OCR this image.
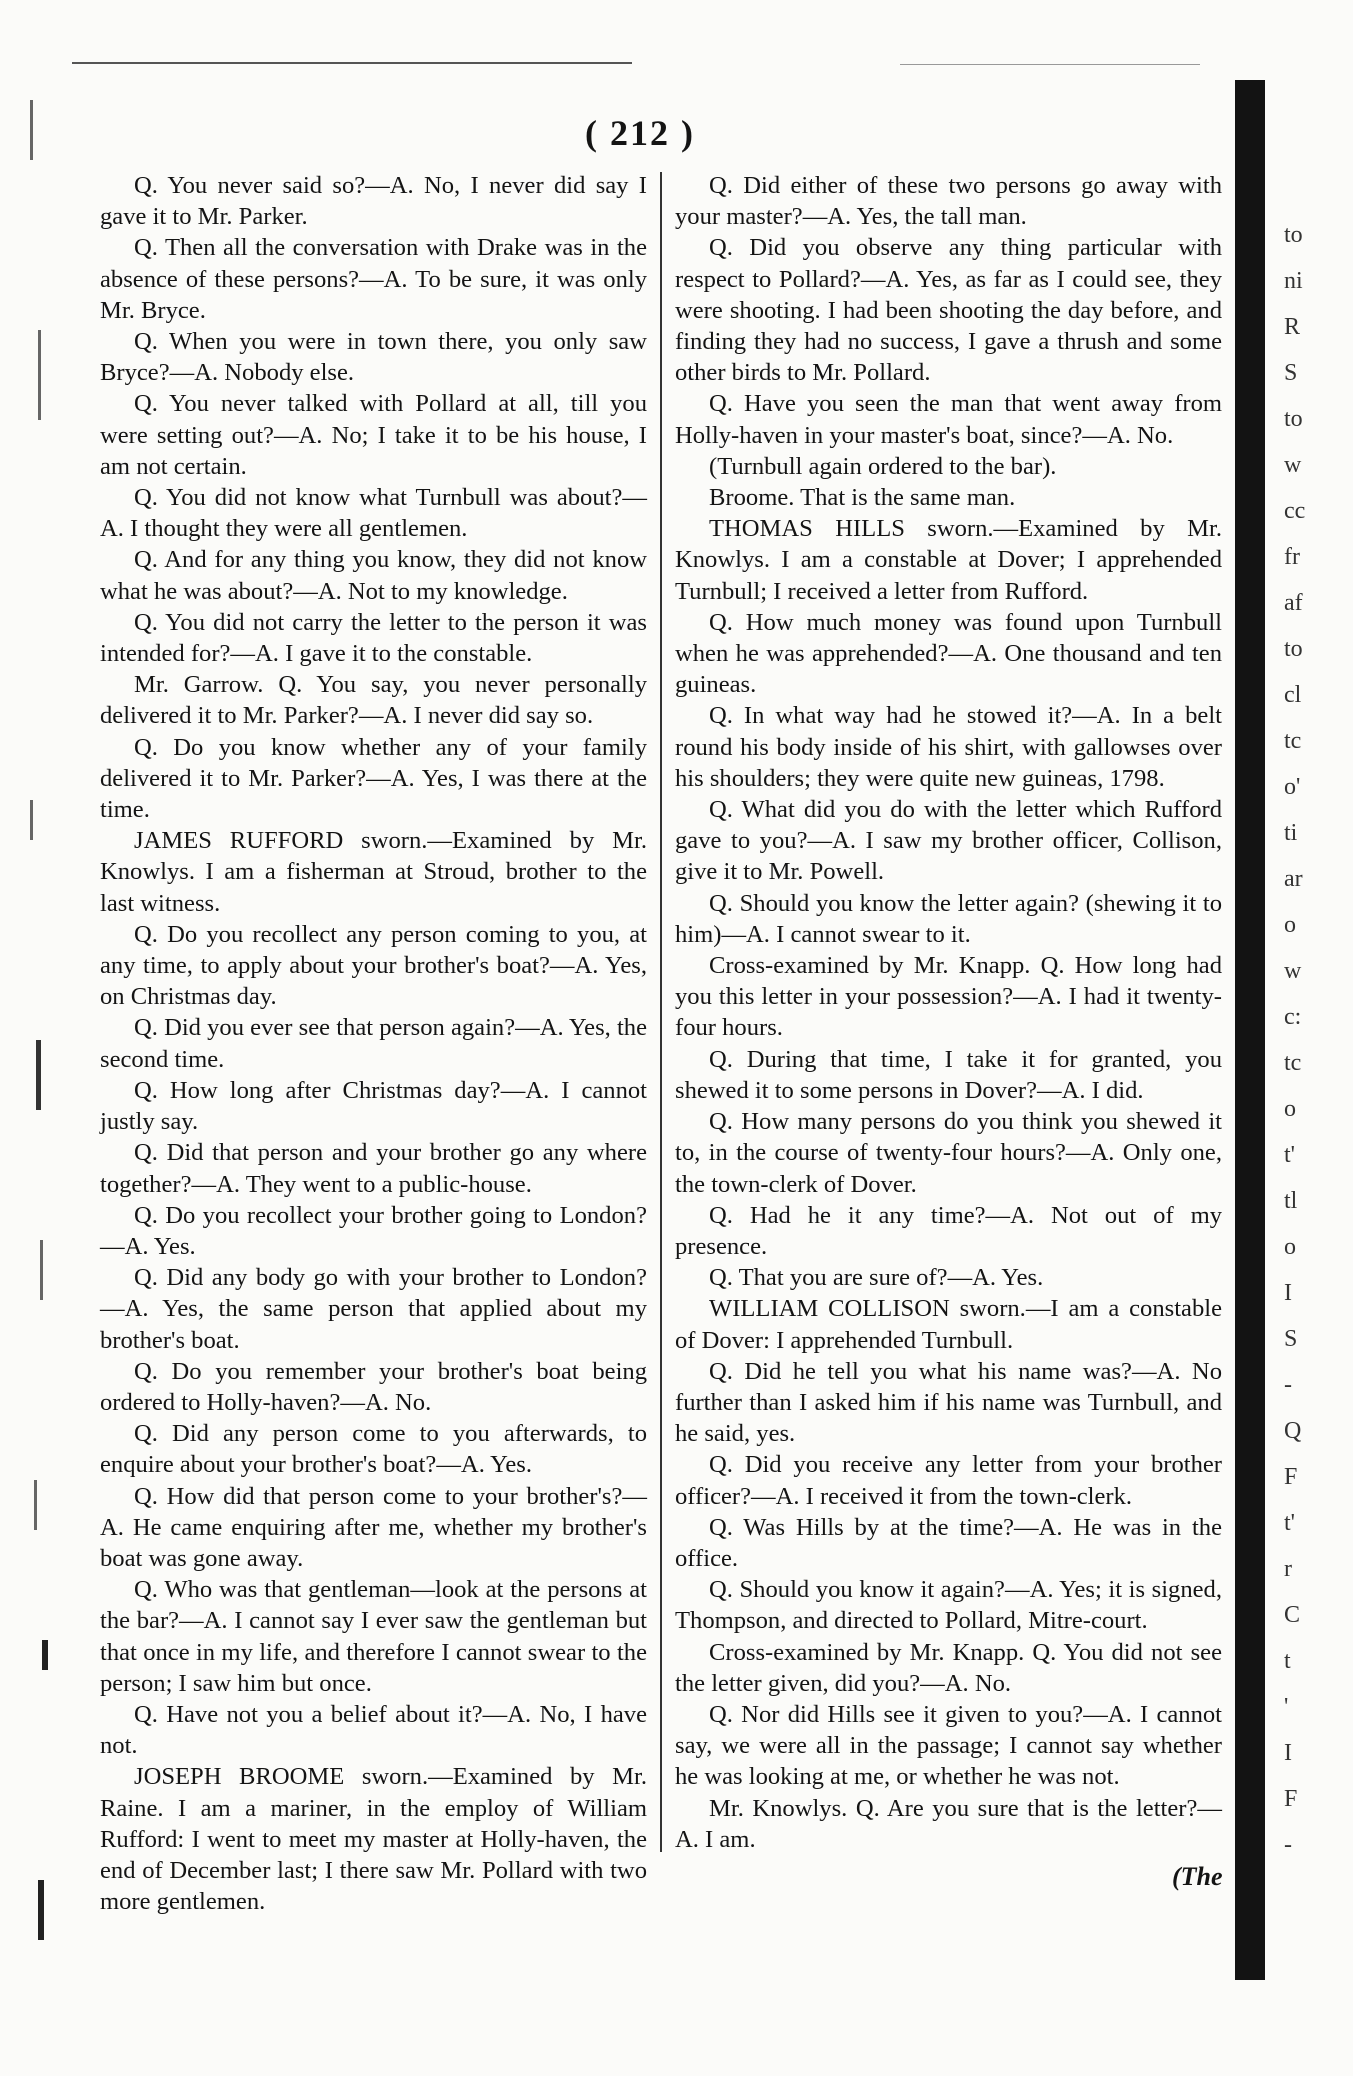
( 212 )

Q. You never said so?—A. No, I never did say I gave it to Mr. Parker.

Q. Then all the conversation with Drake was in the absence of these persons?—A. To be sure, it was only Mr. Bryce.

Q. When you were in town there, you only saw Bryce?—A. Nobody else.

Q. You never talked with Pollard at all, till you were setting out?—A. No; I take it to be his house, I am not certain.

Q. You did not know what Turnbull was about?—A. I thought they were all gentlemen.

Q. And for any thing you know, they did not know what he was about?—A. Not to my knowledge.

Q. You did not carry the letter to the person it was intended for?—A. I gave it to the constable.

Mr. Garrow. Q. You say, you never personally delivered it to Mr. Parker?—A. I never did say so.

Q. Do you know whether any of your family delivered it to Mr. Parker?—A. Yes, I was there at the time.

JAMES RUFFORD sworn.—Examined by Mr. Knowlys. I am a fisherman at Stroud, brother to the last witness.

Q. Do you recollect any person coming to you, at any time, to apply about your brother's boat?—A. Yes, on Christmas day.

Q. Did you ever see that person again?—A. Yes, the second time.

Q. How long after Christmas day?—A. I cannot justly say.

Q. Did that person and your brother go any where together?—A. They went to a public-house.

Q. Do you recollect your brother going to London?—A. Yes.

Q. Did any body go with your brother to London?—A. Yes, the same person that applied about my brother's boat.

Q. Do you remember your brother's boat being ordered to Holly-haven?—A. No.

Q. Did any person come to you afterwards, to enquire about your brother's boat?—A. Yes.

Q. How did that person come to your brother's?—A. He came enquiring after me, whether my brother's boat was gone away.

Q. Who was that gentleman—look at the persons at the bar?—A. I cannot say I ever saw the gentleman but that once in my life, and therefore I cannot swear to the person; I saw him but once.

Q. Have not you a belief about it?—A. No, I have not.

JOSEPH BROOME sworn.—Examined by Mr. Raine. I am a mariner, in the employ of William Rufford: I went to meet my master at Holly-haven, the end of December last; I there saw Mr. Pollard with two more gentlemen.

Q. Did either of these two persons go away with your master?—A. Yes, the tall man.

Q. Did you observe any thing particular with respect to Pollard?—A. Yes, as far as I could see, they were shooting. I had been shooting the day before, and finding they had no success, I gave a thrush and some other birds to Mr. Pollard.

Q. Have you seen the man that went away from Holly-haven in your master's boat, since?—A. No.

(Turnbull again ordered to the bar).

Broome. That is the same man.

THOMAS HILLS sworn.—Examined by Mr. Knowlys. I am a constable at Dover; I apprehended Turnbull; I received a letter from Rufford.

Q. How much money was found upon Turnbull when he was apprehended?—A. One thousand and ten guineas.

Q. In what way had he stowed it?—A. In a belt round his body inside of his shirt, with gallowses over his shoulders; they were quite new guineas, 1798.

Q. What did you do with the letter which Rufford gave to you?—A. I saw my brother officer, Collison, give it to Mr. Powell.

Q. Should you know the letter again? (shewing it to him)—A. I cannot swear to it.

Cross-examined by Mr. Knapp. Q. How long had you this letter in your possession?—A. I had it twenty-four hours.

Q. During that time, I take it for granted, you shewed it to some persons in Dover?—A. I did.

Q. How many persons do you think you shewed it to, in the course of twenty-four hours?—A. Only one, the town-clerk of Dover.

Q. Had he it any time?—A. Not out of my presence.

Q. That you are sure of?—A. Yes.

WILLIAM COLLISON sworn.—I am a constable of Dover: I apprehended Turnbull.

Q. Did he tell you what his name was?—A. No further than I asked him if his name was Turnbull, and he said, yes.

Q. Did you receive any letter from your brother officer?—A. I received it from the town-clerk.

Q. Was Hills by at the time?—A. He was in the office.

Q. Should you know it again?—A. Yes; it is signed, Thompson, and directed to Pollard, Mitre-court.

Cross-examined by Mr. Knapp. Q. You did not see the letter given, did you?—A. No.

Q. Nor did Hills see it given to you?—A. I cannot say, we were all in the passage; I cannot say whether he was looking at me, or whether he was not.

Mr. Knowlys. Q. Are you sure that is the letter?—A. I am.

(The
to
ni
R
S
to
w
cc
fr
af
to
cl
tc
o'
ti
ar
o
w
c:
tc
o
t'
tl
o
I
S
-
Q
F
t'
r
C
t
'
I
F
-
